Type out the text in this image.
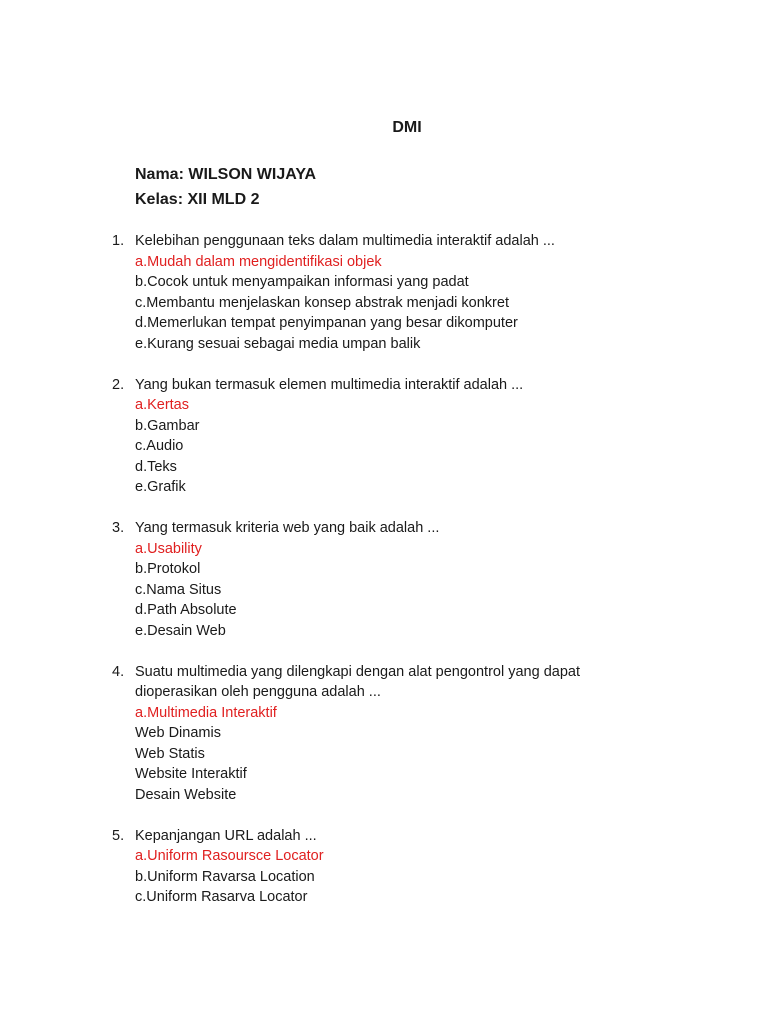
DMI
Nama: WILSON WIJAYA
Kelas: XII MLD 2
1. Kelebihan penggunaan teks dalam multimedia interaktif adalah ...
a.Mudah dalam mengidentifikasi objek
b.Cocok untuk menyampaikan informasi yang padat
c.Membantu menjelaskan konsep abstrak menjadi konkret
d.Memerlukan tempat penyimpanan yang besar dikomputer
e.Kurang sesuai sebagai media umpan balik
2. Yang bukan termasuk elemen multimedia interaktif adalah ...
a.Kertas
b.Gambar
c.Audio
d.Teks
e.Grafik
3. Yang termasuk kriteria web yang baik adalah ...
a.Usability
b.Protokol
c.Nama Situs
d.Path Absolute
e.Desain Web
4. Suatu multimedia yang dilengkapi dengan alat pengontrol yang dapat
dioperasikan oleh pengguna adalah ...
a.Multimedia Interaktif
Web Dinamis
Web Statis
Website Interaktif
Desain Website
5. Kepanjangan URL adalah ...
a.Uniform Rasoursce Locator
b.Uniform Ravarsa Location
c.Uniform Rasarva Locator
